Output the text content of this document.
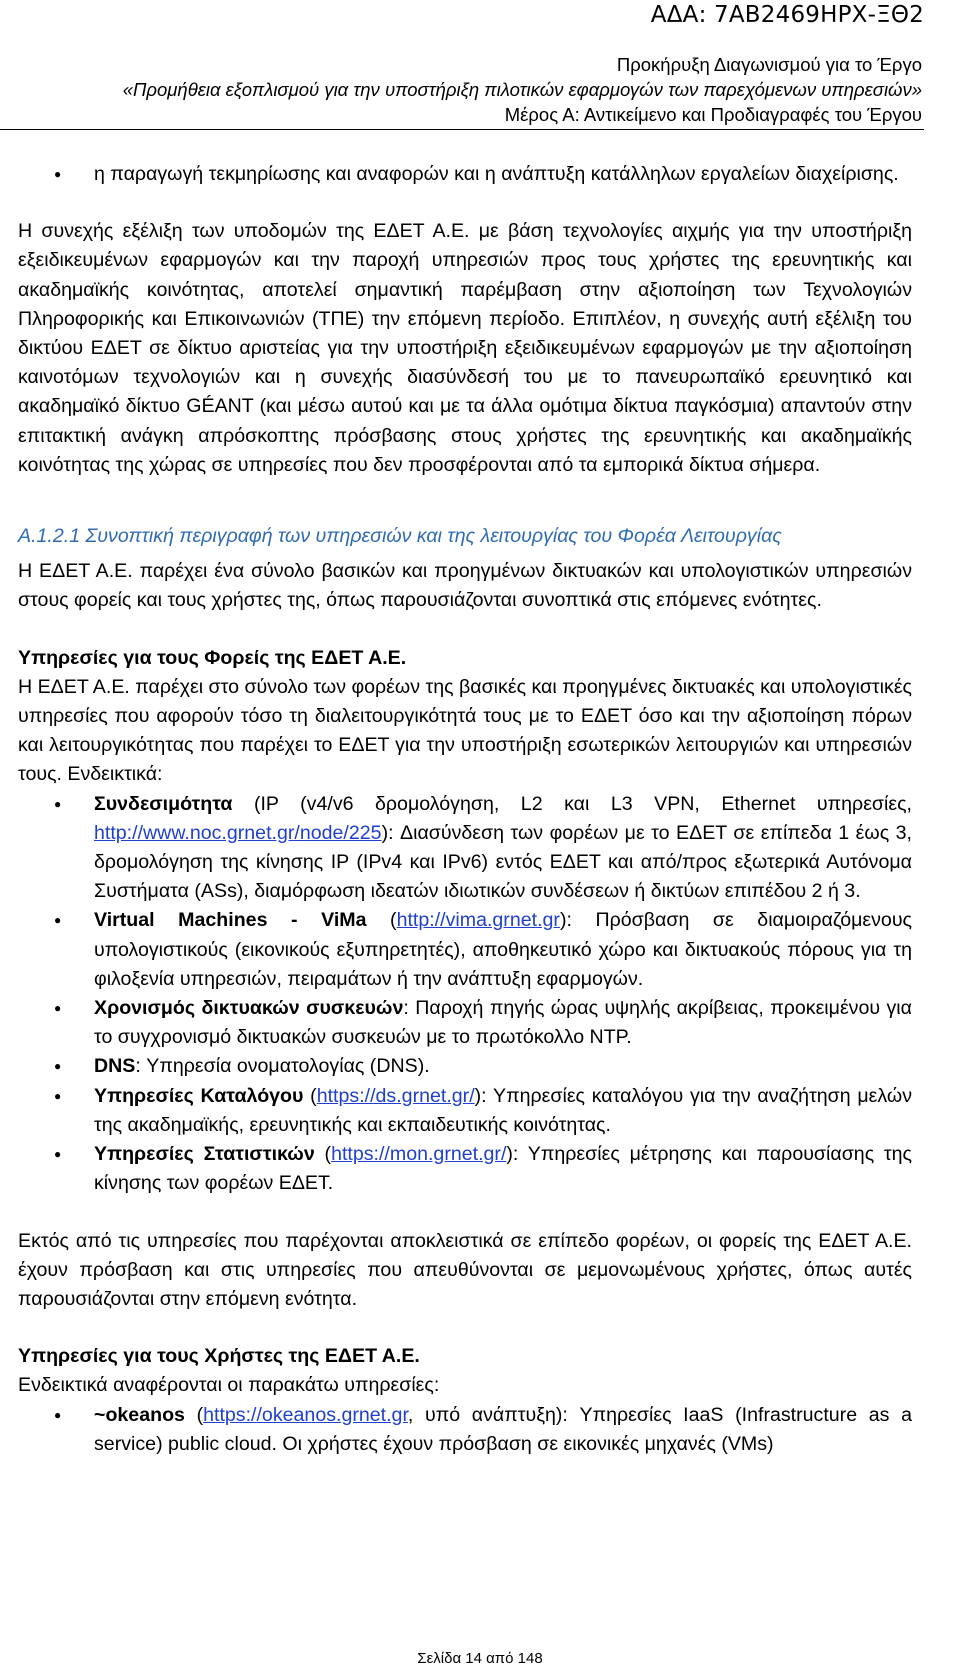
ΑΔΑ: 7ΑΒ2469ΗΡΧ-ΞΘ2
Προκήρυξη Διαγωνισμού για το Έργο
«Προμήθεια εξοπλισμού για την υποστήριξη πιλοτικών εφαρμογών των παρεχόμενων υπηρεσιών»
Μέρος Α: Αντικείμενο και Προδιαγραφές του Έργου
● η παραγωγή τεκμηρίωσης και αναφορών και η ανάπτυξη κατάλληλων εργαλείων διαχείρισης.

Η συνεχής εξέλιξη των υποδομών της ΕΔΕΤ Α.Ε. με βάση τεχνολογίες αιχμής για την υποστήριξη εξειδικευμένων εφαρμογών και την παροχή υπηρεσιών προς τους χρήστες της ερευνητικής και ακαδημαϊκής κοινότητας, αποτελεί σημαντική παρέμβαση στην αξιοποίηση των Τεχνολογιών Πληροφορικής και Επικοινωνιών (ΤΠΕ) την επόμενη περίοδο. Επιπλέον, η συνεχής αυτή εξέλιξη του δικτύου ΕΔΕΤ σε δίκτυο αριστείας για την υποστήριξη εξειδικευμένων εφαρμογών με την αξιοποίηση καινοτόμων τεχνολογιών και η συνεχής διασύνδεσή του με το πανευρωπαϊκό ερευνητικό και ακαδημαϊκό δίκτυο GÉANT (και μέσω αυτού και με τα άλλα ομότιμα δίκτυα παγκόσμια) απαντούν στην επιτακτική ανάγκη απρόσκοπτης πρόσβασης στους χρήστες της ερευνητικής και ακαδημαϊκής κοινότητας της χώρας σε υπηρεσίες που δεν προσφέρονται από τα εμπορικά δίκτυα σήμερα.

Α.1.2.1 Συνοπτική περιγραφή των υπηρεσιών και της λειτουργίας του Φορέα Λειτουργίας

Η ΕΔΕΤ Α.Ε. παρέχει ένα σύνολο βασικών και προηγμένων δικτυακών και υπολογιστικών υπηρεσιών στους φορείς και τους χρήστες της, όπως παρουσιάζονται συνοπτικά στις επόμενες ενότητες.

Υπηρεσίες για τους Φορείς της ΕΔΕΤ Α.Ε.

Η ΕΔΕΤ Α.Ε. παρέχει στο σύνολο των φορέων της βασικές και προηγμένες δικτυακές και υπολογιστικές υπηρεσίες που αφορούν τόσο τη διαλειτουργικότητά τους με το ΕΔΕΤ όσο και την αξιοποίηση πόρων και λειτουργικότητας που παρέχει το ΕΔΕΤ για την υποστήριξη εσωτερικών λειτουργιών και υπηρεσιών τους. Ενδεικτικά:

● Συνδεσιμότητα (IP (v4/v6 δρομολόγηση, L2 και L3 VPN, Ethernet υπηρεσίες, http://www.noc.grnet.gr/node/225): Διασύνδεση των φορέων με το ΕΔΕΤ σε επίπεδα 1 έως 3, δρομολόγηση της κίνησης IP (IPv4 και IPv6) εντός ΕΔΕΤ και από/προς εξωτερικά Αυτόνομα Συστήματα (ASs), διαμόρφωση ιδεατών ιδιωτικών συνδέσεων ή δικτύων επιπέδου 2 ή 3.
● Virtual Machines - ViMa (http://vima.grnet.gr): Πρόσβαση σε διαμοιραζόμενους υπολογιστικούς (εικονικούς εξυπηρετητές), αποθηκευτικό χώρο και δικτυακούς πόρους για τη φιλοξενία υπηρεσιών, πειραμάτων ή την ανάπτυξη εφαρμογών.
● Χρονισμός δικτυακών συσκευών: Παροχή πηγής ώρας υψηλής ακρίβειας, προκειμένου για το συγχρονισμό δικτυακών συσκευών με το πρωτόκολλο NTP.
● DNS: Υπηρεσία ονοματολογίας (DNS).
● Υπηρεσίες Καταλόγου (https://ds.grnet.gr/): Υπηρεσίες καταλόγου για την αναζήτηση μελών της ακαδημαϊκής, ερευνητικής και εκπαιδευτικής κοινότητας.
● Υπηρεσίες Στατιστικών (https://mon.grnet.gr/): Υπηρεσίες μέτρησης και παρουσίασης της κίνησης των φορέων ΕΔΕΤ.

Εκτός από τις υπηρεσίες που παρέχονται αποκλειστικά σε επίπεδο φορέων, οι φορείς της ΕΔΕΤ Α.Ε. έχουν πρόσβαση και στις υπηρεσίες που απευθύνονται σε μεμονωμένους χρήστες, όπως αυτές παρουσιάζονται στην επόμενη ενότητα.

Υπηρεσίες για τους Χρήστες της ΕΔΕΤ Α.Ε.

Ενδεικτικά αναφέρονται οι παρακάτω υπηρεσίες:

● ~okeanos (https://okeanos.grnet.gr, υπό ανάπτυξη): Υπηρεσίες IaaS (Infrastructure as a service) public cloud. Οι χρήστες έχουν πρόσβαση σε εικονικές μηχανές (VMs)
Σελίδα 14 από 148
